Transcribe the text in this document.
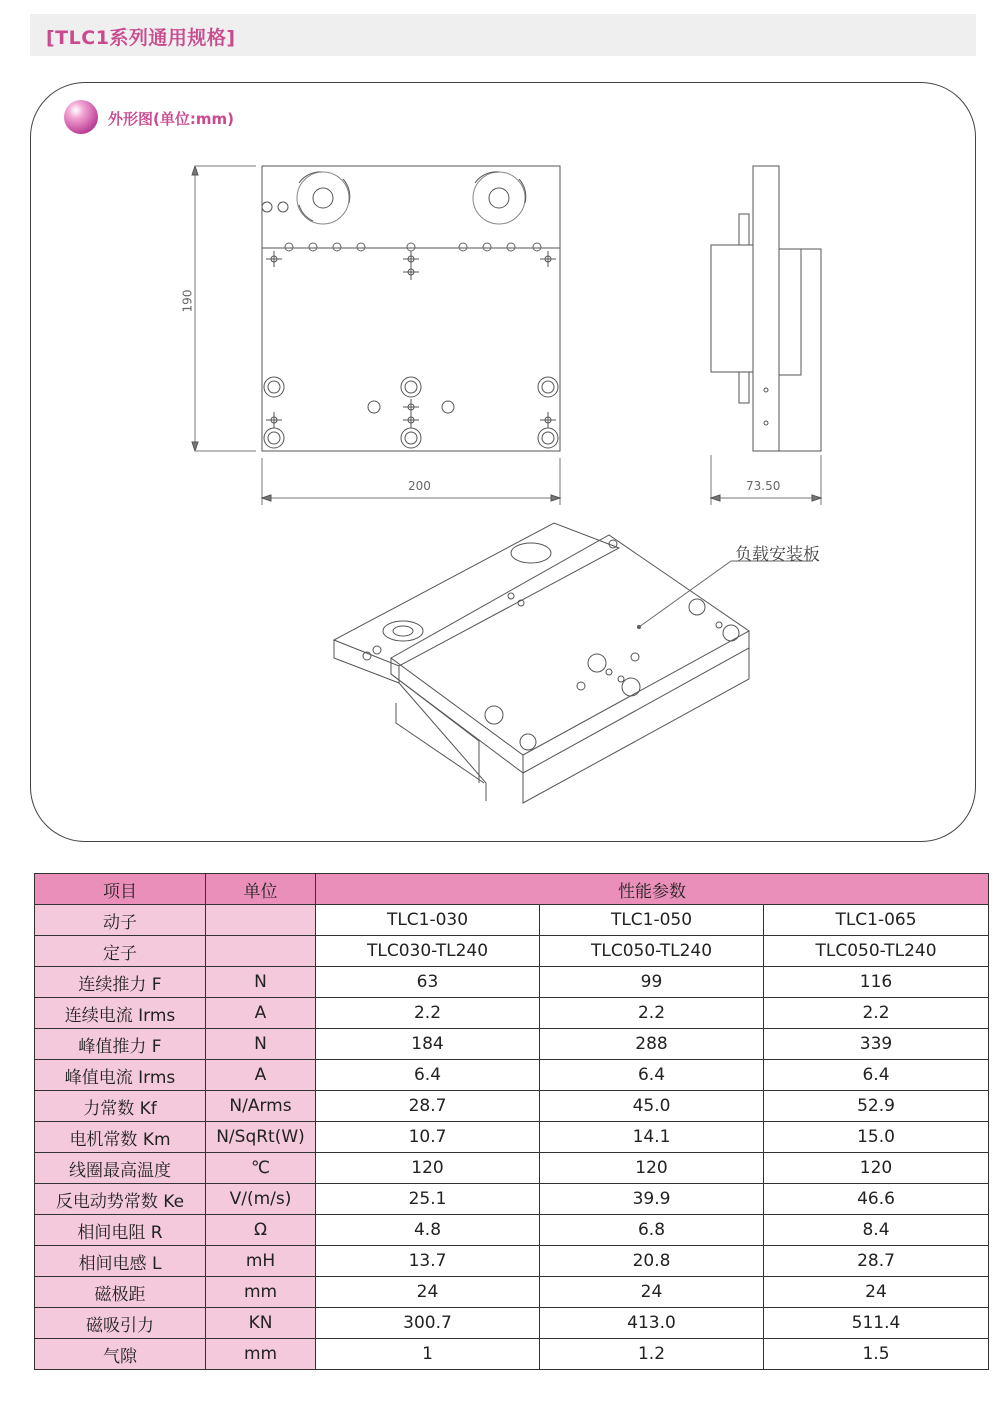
[TLC1系列通用规格]
外形图(单位:mm)
190
200	73.50
负载安装板
项目	单位	性能参数		
动子		TLC1-030	TLC1-050	TLC1-065
定子		TLC030-TL240	TLC050-TL240	TLC050-TL240
连续推力 F	N	63	99	116
连续电流 Irms	A	2.2	2.2	2.2
峰值推力 F	N	184	288	339
峰值电流 Irms	A	6.4	6.4	6.4
力常数 Kf	N/Arms	28.7	45.0	52.9
电机常数 Km	N/SqRt(W)	10.7	14.1	15.0
线圈最高温度	℃	120	120	120
反电动势常数 Ke	V/(m/s)	25.1	39.9	46.6
相间电阻 R	Ω	4.8	6.8	8.4
相间电感 L	mH	13.7	20.8	28.7
磁极距	mm	24	24	24
磁吸引力	KN	300.7	413.0	511.4
气隙	mm	1	1.2	1.5
